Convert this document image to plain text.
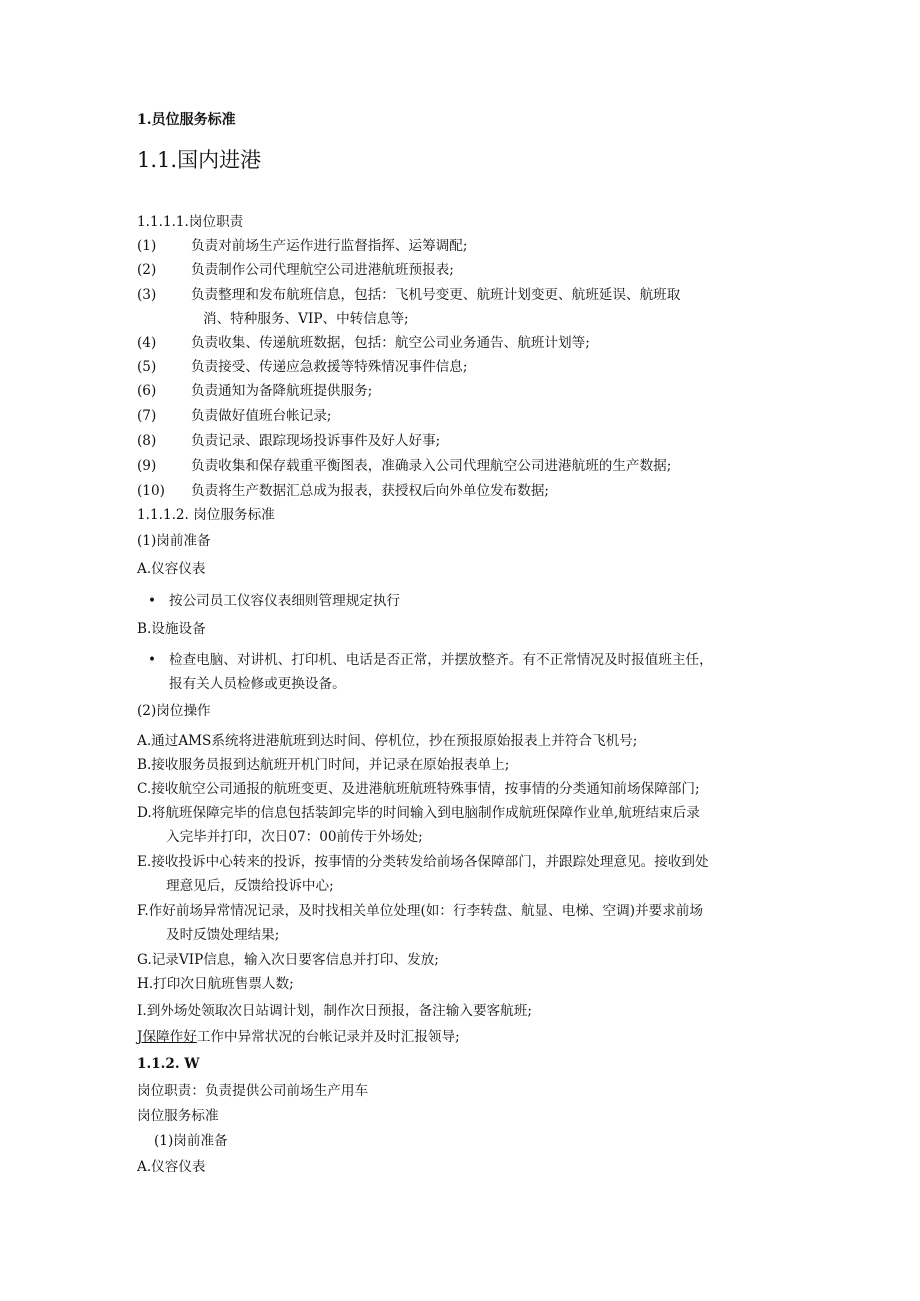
1.员位服务标准
1.1.国内进港
1.1.1.1.岗位职责
(1)	负责对前场生产运作进行监督指挥、运筹调配;
(2)	负责制作公司代理航空公司进港航班预报表;
(3)	负责整理和发布航班信息，包括：飞机号变更、航班计划变更、航班延误、航班取
消、特种服务、VIP、中转信息等;
(4)	负责收集、传递航班数据，包括：航空公司业务通告、航班计划等;
(5)	负责接受、传递应急救援等特殊情况事件信息;
(6)	负责通知为备降航班提供服务;
(7)	负责做好值班台帐记录;
(8)	负责记录、跟踪现场投诉事件及好人好事;
(9)	负责收集和保存载重平衡图表，准确录入公司代理航空公司进港航班的生产数据;
(10) 负责将生产数据汇总成为报表，获授权后向外单位发布数据;
1.1.1.2. 岗位服务标准
(1)岗前准备
A.仪容仪表
• 按公司员工仪容仪表细则管理规定执行
B.设施设备
• 检查电脑、对讲机、打印机、电话是否正常，并摆放整齐。有不正常情况及时报值班主任，
报有关人员检修或更换设备。
(2)岗位操作
A.通过AMS系统将进港航班到达时间、停机位，抄在预报原始报表上并符合飞机号;
B.接收服务员报到达航班开机门时间，并记录在原始报表单上;
C.接收航空公司通报的航班变更、及进港航班航班特殊事情，按事情的分类通知前场保障部门;
D.将航班保障完毕的信息包括装卸完毕的时间输入到电脑制作成航班保障作业单,航班结束后录
入完毕并打印，次日07：00前传于外场处;
E.接收投诉中心转来的投诉，按事情的分类转发给前场各保障部门，并跟踪处理意见。接收到处
理意见后，反馈给投诉中心;
F.作好前场异常情况记录，及时找相关单位处理(如：行李转盘、航显、电梯、空调)并要求前场
及时反馈处理结果;
G.记录VIP信息，输入次日要客信息并打印、发放;
H.打印次日航班售票人数;
I.到外场处领取次日站调计划，制作次日预报，备注输入要客航班;
J保障作好工作中异常状况的台帐记录并及时汇报领导;
1.1.2. W
岗位职责：负责提供公司前场生产用车
岗位服务标准
(1)岗前准备
A.仪容仪表
